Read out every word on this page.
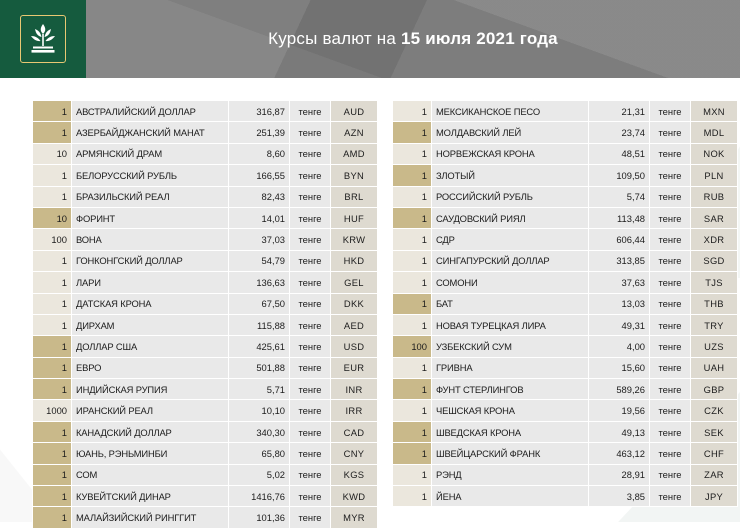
Курсы валют на 15 июля 2021 года
1	АВСТРАЛИЙСКИЙ ДОЛЛАР	316,87	тенге	AUD
1	АЗЕРБАЙДЖАНСКИЙ МАНАТ	251,39	тенге	AZN
10	АРМЯНСКИЙ ДРАМ	8,60	тенге	AMD
1	БЕЛОРУССКИЙ РУБЛЬ	166,55	тенге	BYN
1	БРАЗИЛЬСКИЙ РЕАЛ	82,43	тенге	BRL
10	ФОРИНТ	14,01	тенге	HUF
100	ВОНА	37,03	тенге	KRW
1	ГОНКОНГСКИЙ ДОЛЛАР	54,79	тенге	HKD
1	ЛАРИ	136,63	тенге	GEL
1	ДАТСКАЯ КРОНА	67,50	тенге	DKK
1	ДИРХАМ	115,88	тенге	AED
1	ДОЛЛАР США	425,61	тенге	USD
1	ЕВРО	501,88	тенге	EUR
1	ИНДИЙСКАЯ РУПИЯ	5,71	тенге	INR
1000	ИРАНСКИЙ РЕАЛ	10,10	тенге	IRR
1	КАНАДСКИЙ ДОЛЛАР	340,30	тенге	CAD
1	ЮАНЬ, РЭНЬМИНБИ	65,80	тенге	CNY
1	СОМ	5,02	тенге	KGS
1	КУВЕЙТСКИЙ ДИНАР	1416,76	тенге	KWD
1	МАЛАЙЗИЙСКИЙ РИНГГИТ	101,36	тенге	MYR
1	МЕКСИКАНСКОЕ ПЕСО	21,31	тенге	MXN
1	МОЛДАВСКИЙ ЛЕЙ	23,74	тенге	MDL
1	НОРВЕЖСКАЯ КРОНА	48,51	тенге	NOK
1	ЗЛОТЫЙ	109,50	тенге	PLN
1	РОССИЙСКИЙ РУБЛЬ	5,74	тенге	RUB
1	САУДОВСКИЙ РИЯЛ	113,48	тенге	SAR
1	СДР	606,44	тенге	XDR
1	СИНГАПУРСКИЙ ДОЛЛАР	313,85	тенге	SGD
1	СОМОНИ	37,63	тенге	TJS
1	БАТ	13,03	тенге	THB
1	НОВАЯ ТУРЕЦКАЯ ЛИРА	49,31	тенге	TRY
100	УЗБЕКСКИЙ СУМ	4,00	тенге	UZS
1	ГРИВНА	15,60	тенге	UAH
1	ФУНТ СТЕРЛИНГОВ	589,26	тенге	GBP
1	ЧЕШСКАЯ КРОНА	19,56	тенге	CZK
1	ШВЕДСКАЯ КРОНА	49,13	тенге	SEK
1	ШВЕЙЦАРСКИЙ ФРАНК	463,12	тенге	CHF
1	РЭНД	28,91	тенге	ZAR
1	ЙЕНА	3,85	тенге	JPY
